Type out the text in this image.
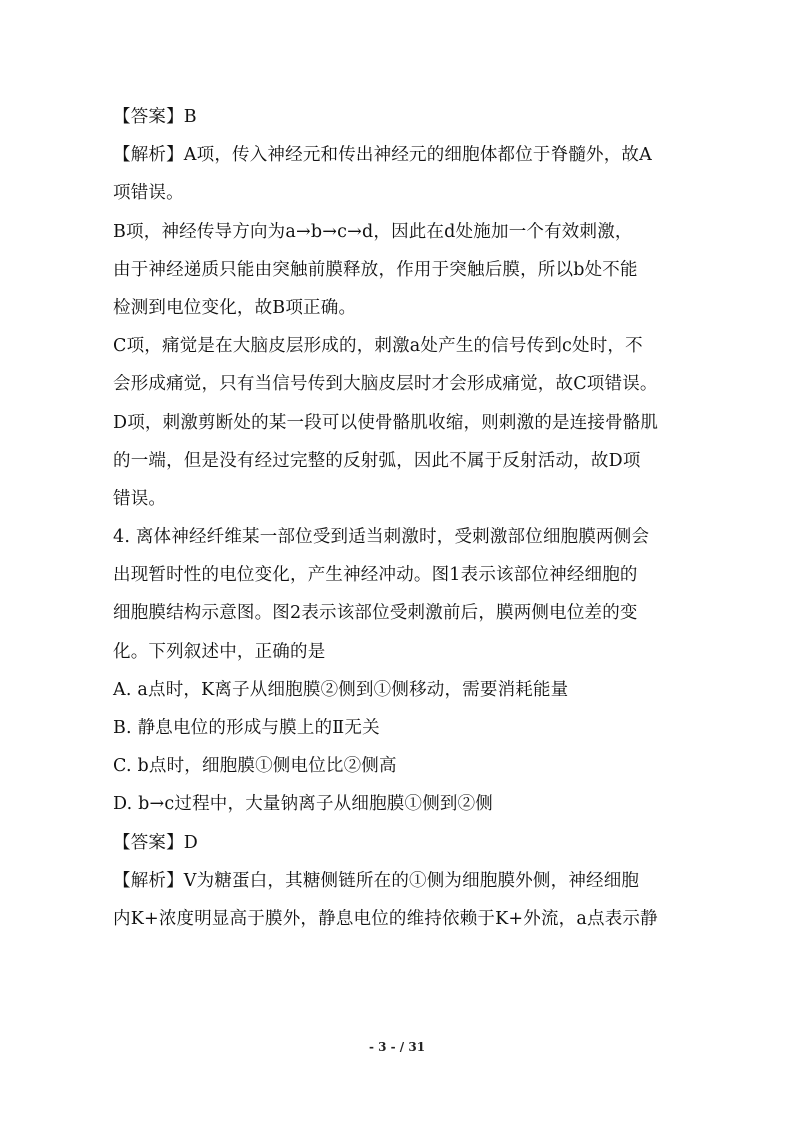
【答案】B
【解析】A项，传入神经元和传出神经元的细胞体都位于脊髓外，故A
项错误。
B项，神经传导方向为a→b→c→d，因此在d处施加一个有效刺激，
由于神经递质只能由突触前膜释放，作用于突触后膜，所以b处不能
检测到电位变化，故B项正确。
C项，痛觉是在大脑皮层形成的，刺激a处产生的信号传到c处时，不
会形成痛觉，只有当信号传到大脑皮层时才会形成痛觉，故C项错误。
D项，刺激剪断处的某一段可以使骨骼肌收缩，则刺激的是连接骨骼肌
的一端，但是没有经过完整的反射弧，因此不属于反射活动，故D项
错误。
4. 离体神经纤维某一部位受到适当刺激时，受刺激部位细胞膜两侧会
出现暂时性的电位变化，产生神经冲动。图1表示该部位神经细胞的
细胞膜结构示意图。图2表示该部位受刺激前后，膜两侧电位差的变
化。下列叙述中，正确的是
A. a点时，K离子从细胞膜②侧到①侧移动，需要消耗能量
B. 静息电位的形成与膜上的Ⅱ无关
C. b点时，细胞膜①侧电位比②侧高
D. b→c过程中，大量钠离子从细胞膜①侧到②侧
【答案】D
【解析】Ⅴ为糖蛋白，其糖侧链所在的①侧为细胞膜外侧，神经细胞
内K+浓度明显高于膜外，静息电位的维持依赖于K+外流，a点表示静
- 3 - / 31
